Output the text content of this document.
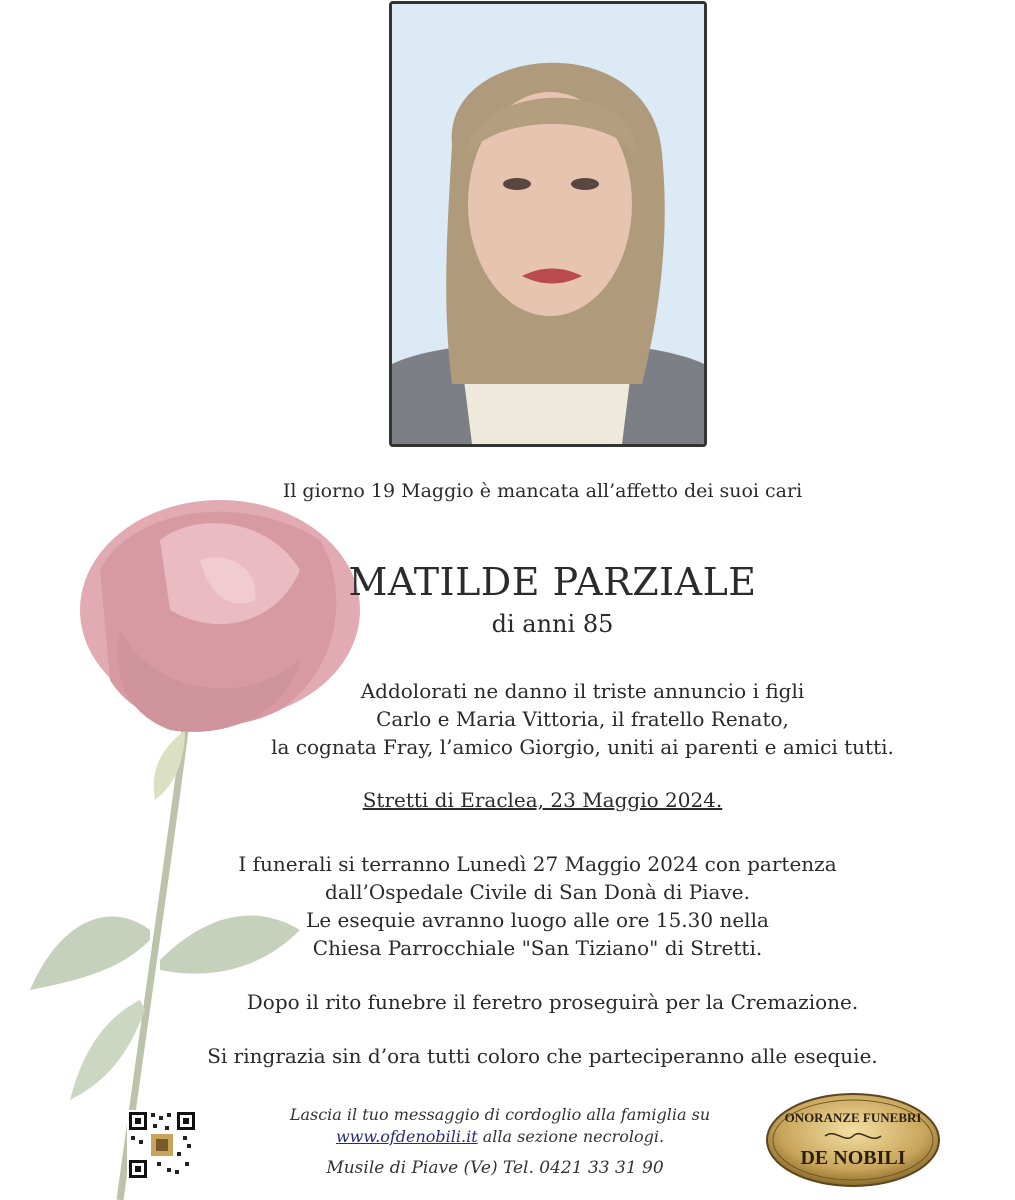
Il giorno 19 Maggio è mancata all’affetto dei suoi cari
MATILDE PARZIALE
di anni 85
Addolorati ne danno il triste annuncio i figli
Carlo e Maria Vittoria, il fratello Renato,
la cognata Fray, l’amico Giorgio, uniti ai parenti e amici tutti.
Stretti di Eraclea, 23 Maggio 2024.
I funerali si terranno Lunedì 27 Maggio 2024 con partenza
dall’Ospedale Civile di San Donà di Piave.
Le esequie avranno luogo alle ore 15.30 nella
Chiesa Parrocchiale "San Tiziano" di Stretti.
Dopo il rito funebre il feretro proseguirà per la Cremazione.
Si ringrazia sin d’ora tutti coloro che parteciperanno alle esequie.
Lascia il tuo messaggio di cordoglio alla famiglia su
www.ofdenobili.it alla sezione necrologi.
Musile di Piave (Ve) Tel. 0421 33 31 90
ONORANZE FUNEBRI
DE NOBILI
